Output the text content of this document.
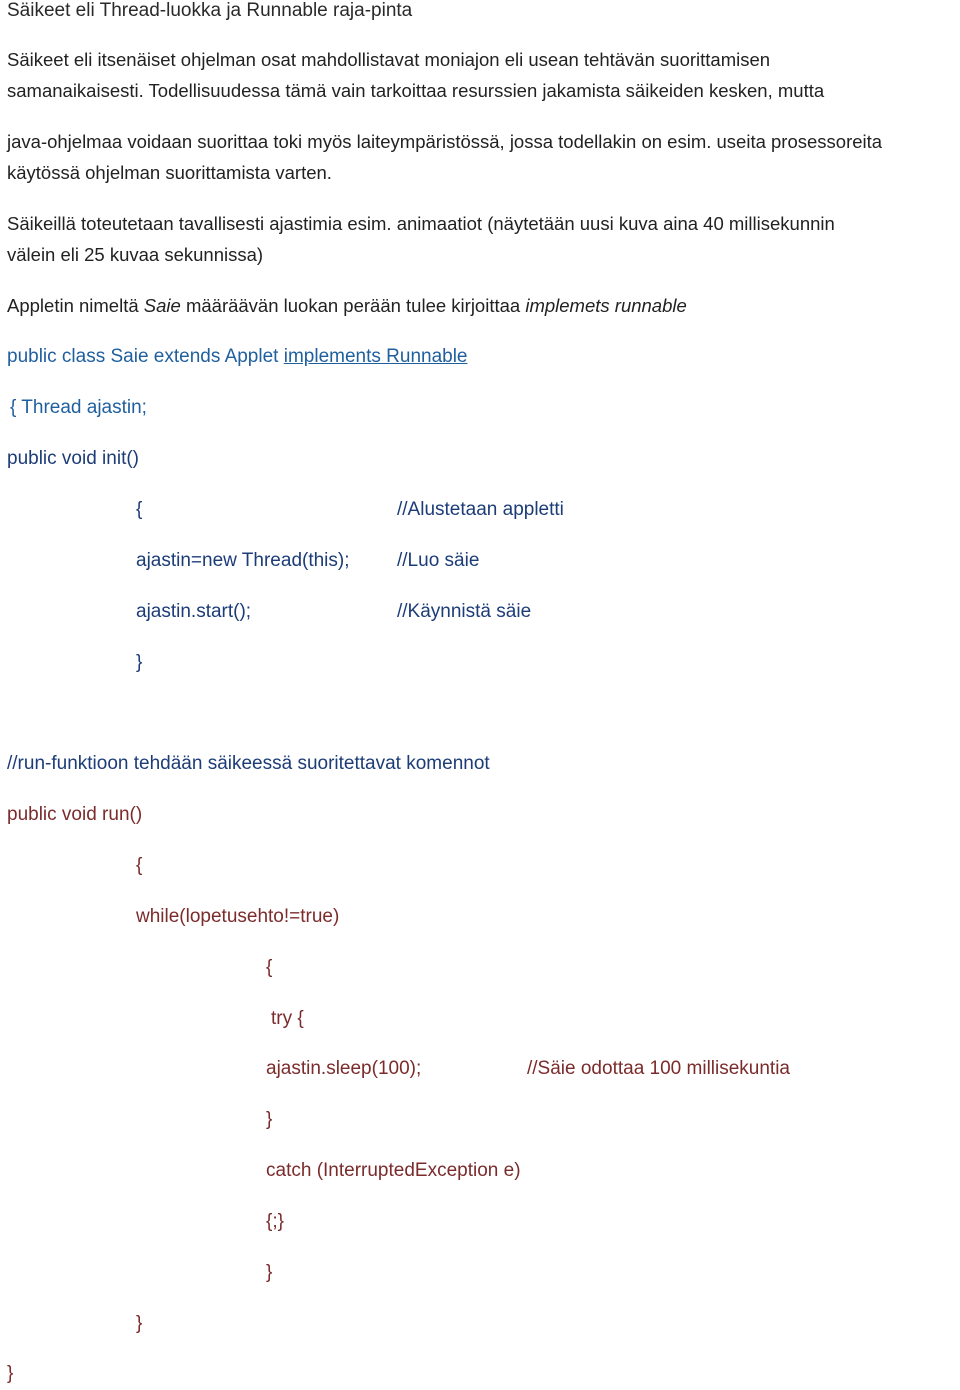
Säikeet eli Thread-luokka ja Runnable raja-pinta
Säikeet eli itsenäiset ohjelman osat mahdollistavat moniajon eli usean tehtävän suorittamisen
samanaikaisesti. Todellisuudessa tämä vain tarkoittaa resurssien jakamista säikeiden kesken, mutta
java-ohjelmaa voidaan suorittaa toki myös laiteympäristössä, jossa todellakin on esim. useita prosessoreita
käytössä ohjelman suorittamista varten.
Säikeillä toteutetaan tavallisesti ajastimia esim. animaatiot (näytetään uusi kuva aina 40 millisekunnin
välein eli 25 kuvaa sekunnissa)
Appletin nimeltä Saie määräävän luokan perään tulee kirjoittaa implemets runnable
public class Saie extends Applet implements Runnable
{ Thread ajastin;
public void init()
{	//Alustetaan appletti
ajastin=new Thread(this); //Luo säie
ajastin.start();	//Käynnistä säie
}
//run-funktioon tehdään säikeessä suoritettavat komennot
public void run()
{
while(lopetusehto!=true)
{
try {
ajastin.sleep(100);	//Säie odottaa 100 millisekuntia
}
catch (InterruptedException e)
{;}
}
}
}
